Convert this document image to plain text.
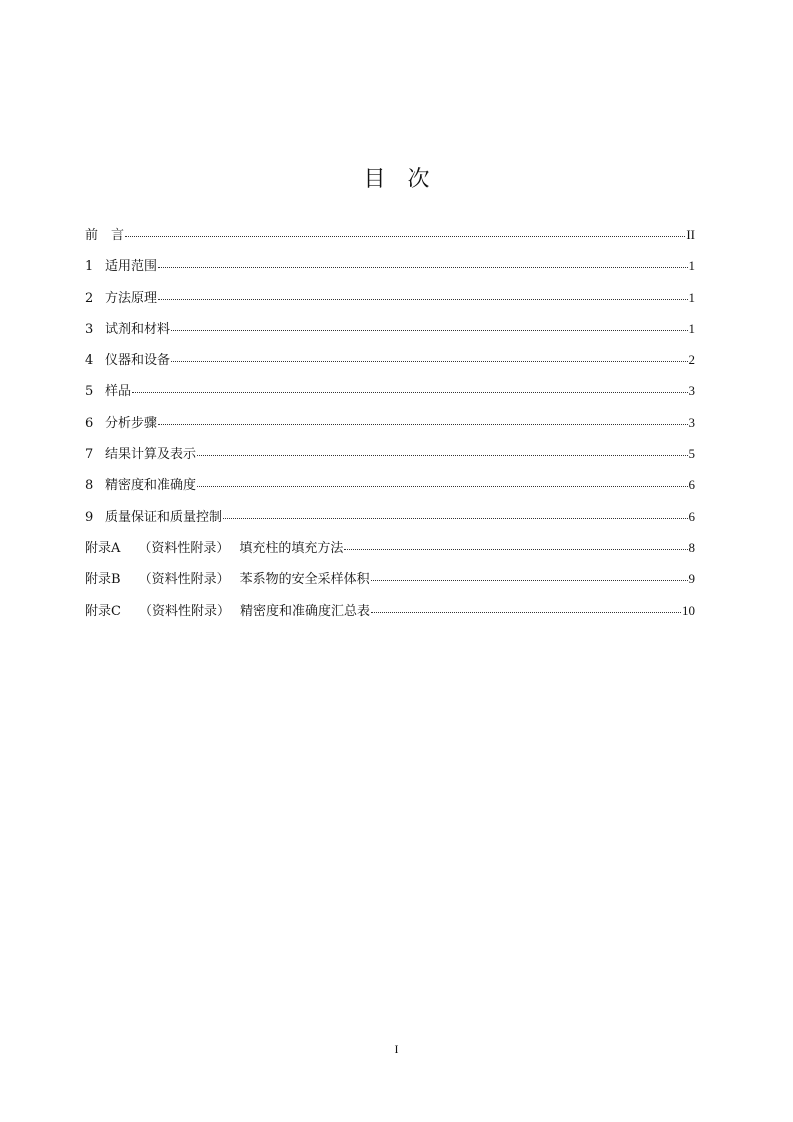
目 次
前　言	II
1 适用范围	1
2 方法原理	1
3 试剂和材料	1
4 仪器和设备	2
5 样品	3
6 分析步骤	3
7 结果计算及表示	5
8 精密度和准确度	6
9 质量保证和质量控制	6
附录A （资料性附录） 填充柱的填充方法	8
附录B （资料性附录） 苯系物的安全采样体积	9
附录C （资料性附录） 精密度和准确度汇总表	10
I
